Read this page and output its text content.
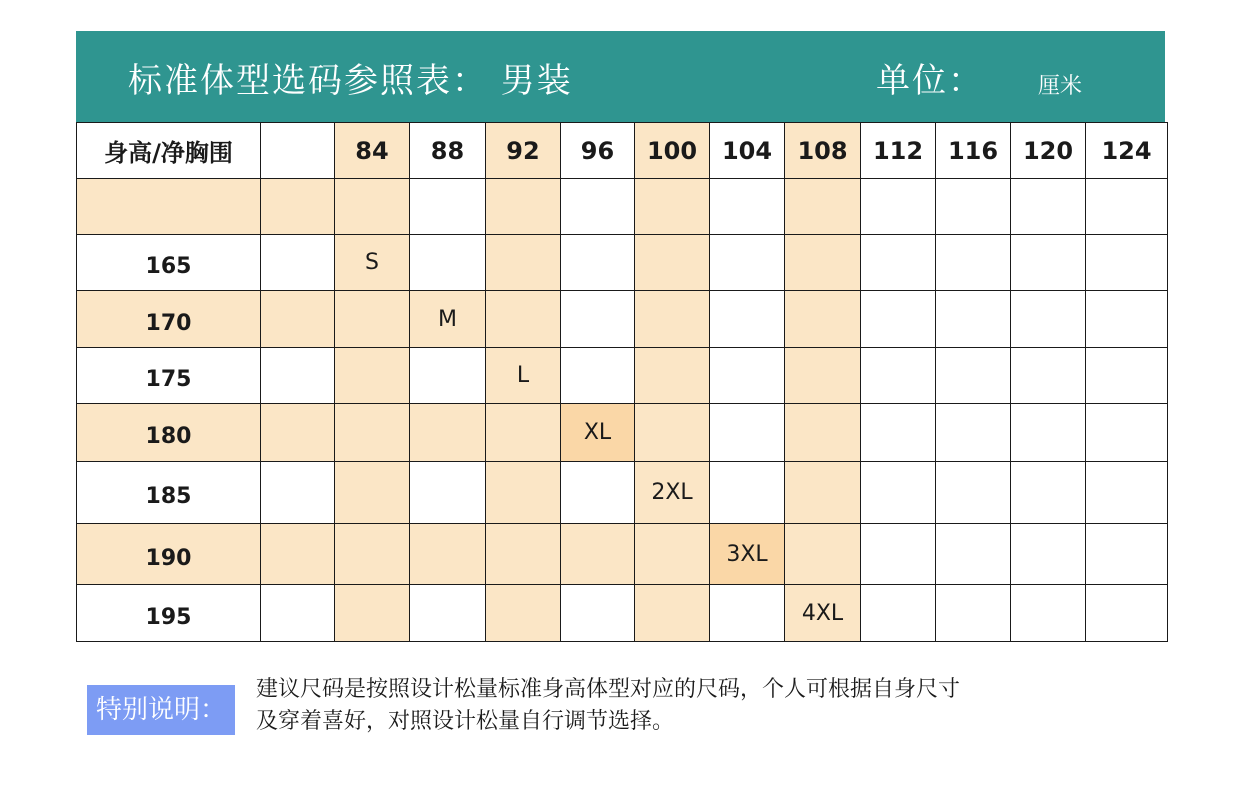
标准体型选码参照表： 男装	单位： 厘米
身高/净胸围		84	88	92	96	100	104	108	112	116	120	124

165		S										
170			M									
175				L								
180					XL							
185						2XL						
190							3XL					
195								4XL				
特别说明：
建议尺码是按照设计松量标准身高体型对应的尺码，个人可根据自身尺寸
及穿着喜好，对照设计松量自行调节选择。
